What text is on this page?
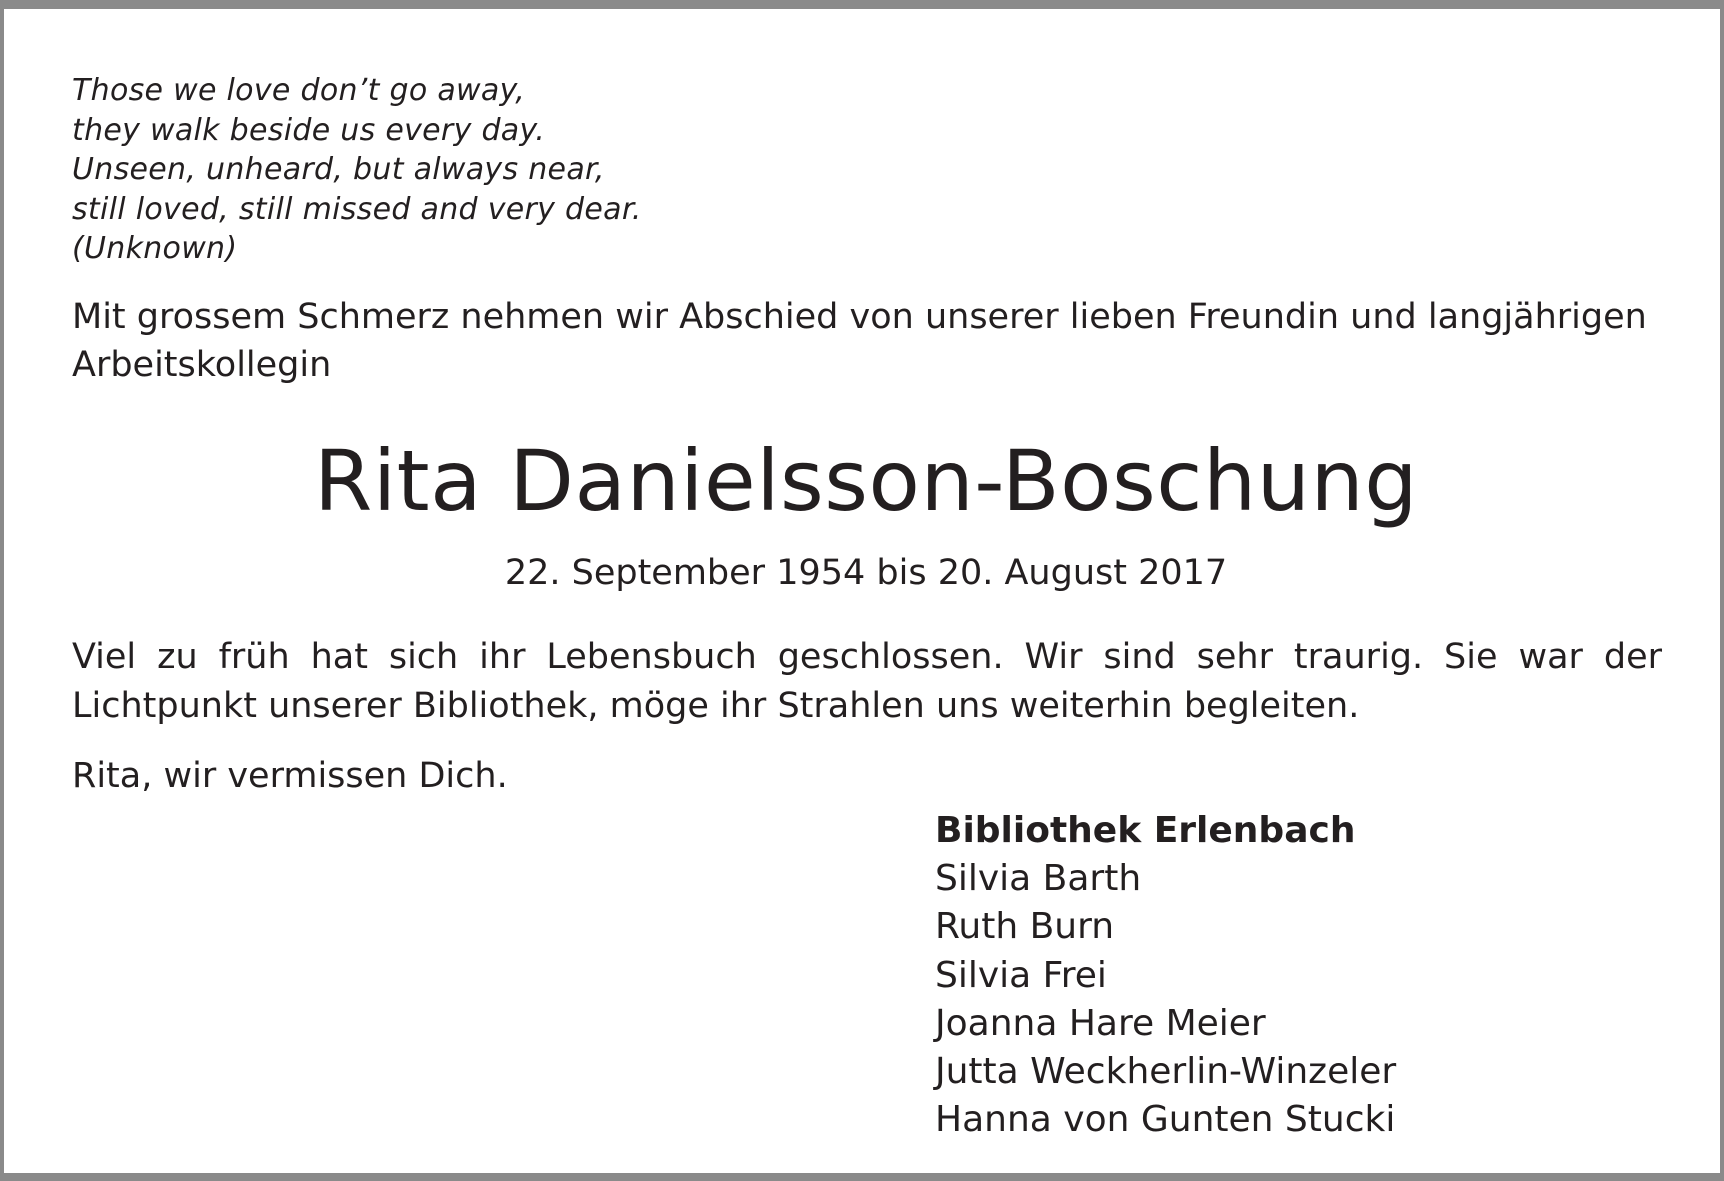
Those we love don’t go away,
they walk beside us every day.
Unseen, unheard, but always near,
still loved, still missed and very dear.
(Unknown)
Mit grossem Schmerz nehmen wir Abschied von unserer lieben Freundin und langjährigen
Arbeitskollegin
Rita Danielsson-Boschung
22. September 1954 bis 20. August 2017
Viel zu früh hat sich ihr Lebensbuch geschlossen. Wir sind sehr traurig. Sie war der
Lichtpunkt unserer Bibliothek, möge ihr Strahlen uns weiterhin begleiten.
Rita, wir vermissen Dich.
Bibliothek Erlenbach
Silvia Barth
Ruth Burn
Silvia Frei
Joanna Hare Meier
Jutta Weckherlin-Winzeler
Hanna von Gunten Stucki
